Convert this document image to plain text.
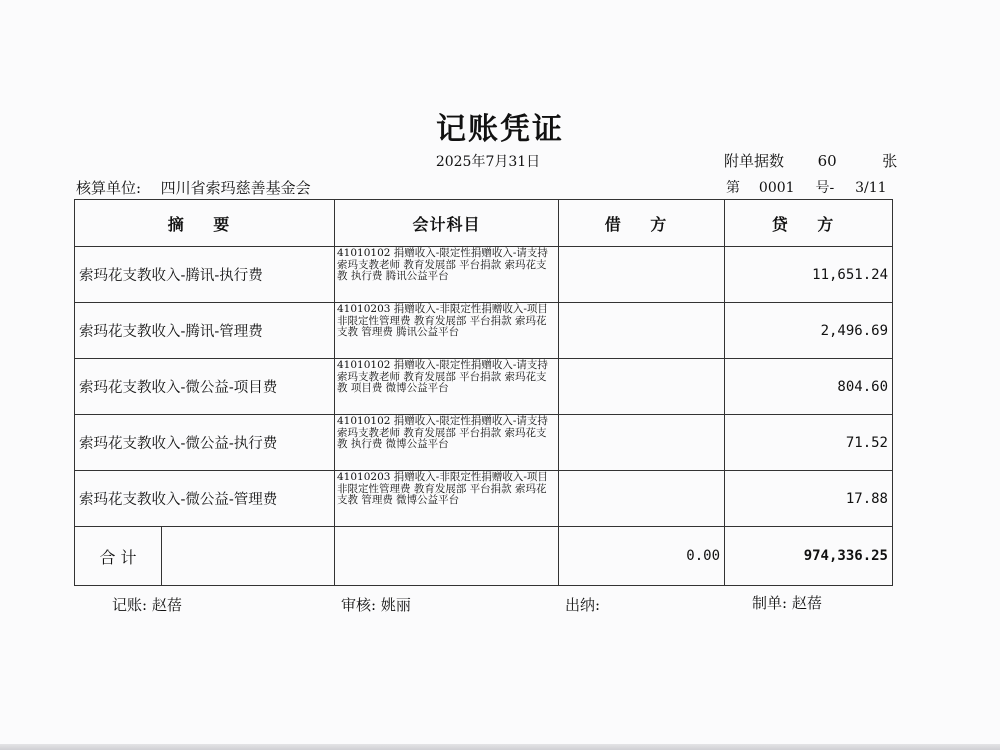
记账凭证
2025年7月31日	附单据数 60	张
核算单位: 四川省索玛慈善基金会	第 0001 号- 3/11
摘 要	会计科目	借 方	贷 方
索玛花支教收入-腾讯-执行费	41010102 捐赠收入-限定性捐赠收入-请支持索玛支教老师 教育发展部 平台捐款 索玛花支教 执行费 腾讯公益平台		11,651.24
索玛花支教收入-腾讯-管理费	41010203 捐赠收入-非限定性捐赠收入-项目非限定性管理费 教育发展部 平台捐款 索玛花支教 管理费 腾讯公益平台		2,496.69
索玛花支教收入-微公益-项目费	41010102 捐赠收入-限定性捐赠收入-请支持索玛支教老师 教育发展部 平台捐款 索玛花支教 项目费 微博公益平台		804.60
索玛花支教收入-微公益-执行费	41010102 捐赠收入-限定性捐赠收入-请支持索玛支教老师 教育发展部 平台捐款 索玛花支教 执行费 微博公益平台		71.52
索玛花支教收入-微公益-管理费	41010203 捐赠收入-非限定性捐赠收入-项目非限定性管理费 教育发展部 平台捐款 索玛花支教 管理费 微博公益平台		17.88

合 计		0.00	974,336.25
记账: 赵蓓	审核: 姚丽	出纳:	制单: 赵蓓
